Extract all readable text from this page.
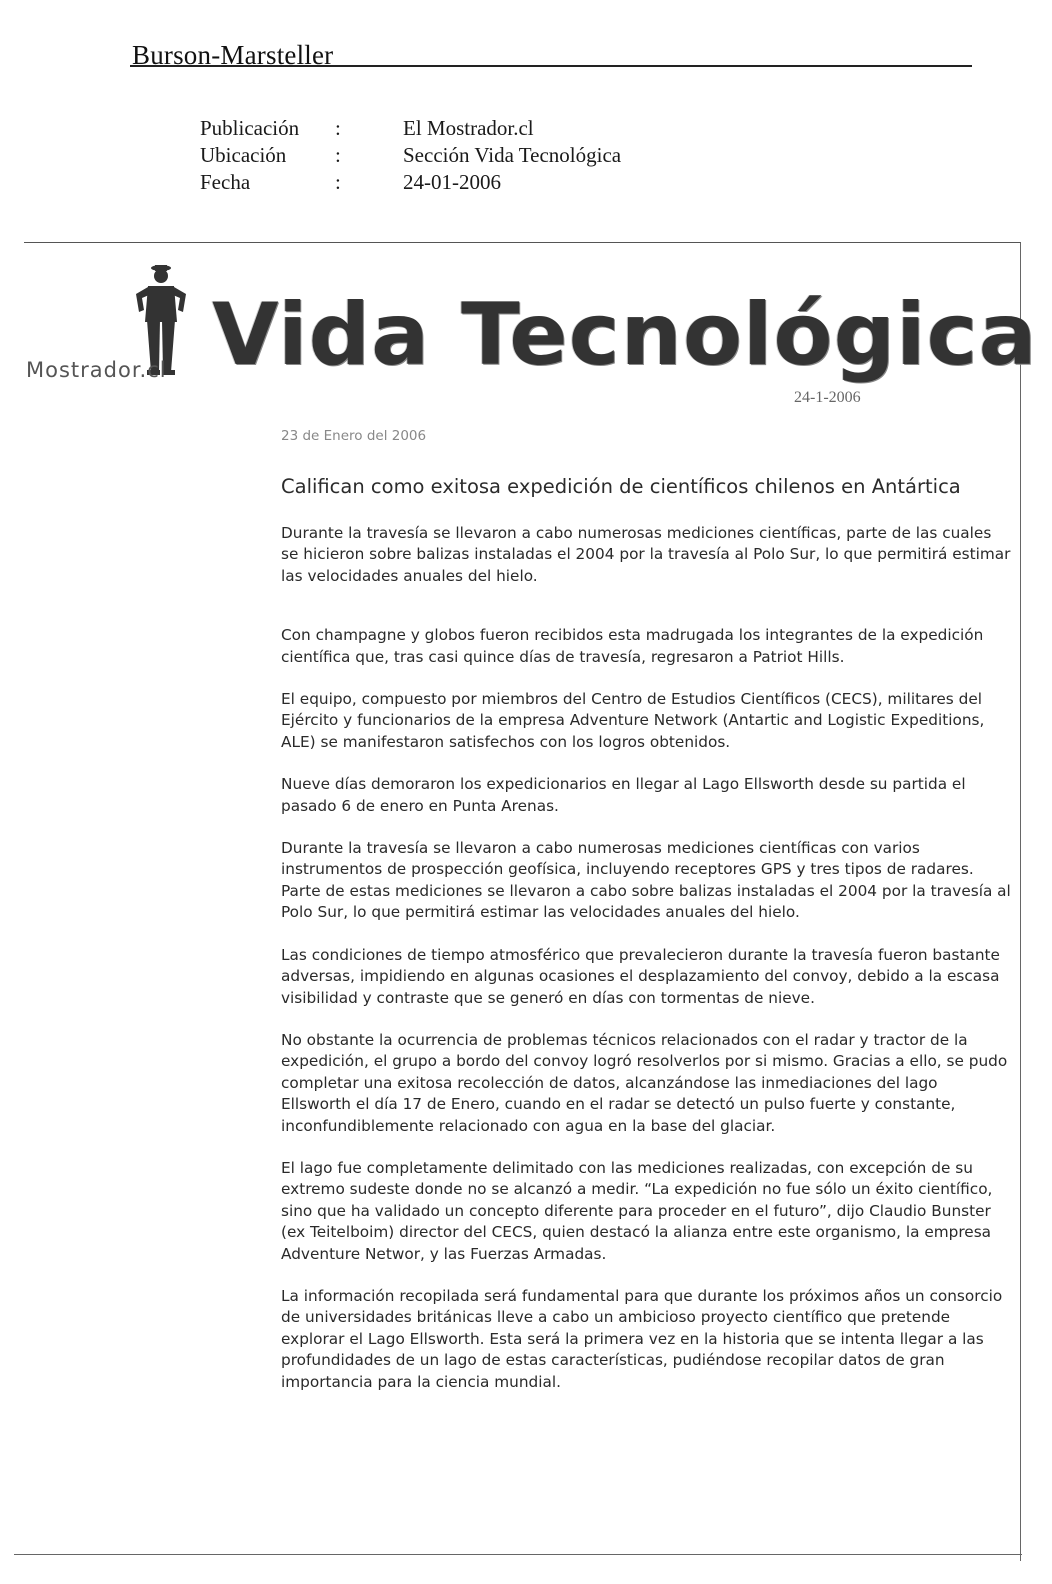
Burson-Marsteller
Publicación :	El Mostrador.cl
Ubicación :	Sección Vida Tecnológica
Fecha	:	24-01-2006
Mostrador.cl Vida Tecnológica
24-1-2006
23 de Enero del 2006
Califican como exitosa expedición de científicos chilenos en Antártica

Durante la travesía se llevaron a cabo numerosas mediciones científicas, parte de las cuales se hicieron sobre balizas instaladas el 2004 por la travesía al Polo Sur, lo que permitirá estimar las velocidades anuales del hielo.

Con champagne y globos fueron recibidos esta madrugada los integrantes de la expedición científica que, tras casi quince días de travesía, regresaron a Patriot Hills.

El equipo, compuesto por miembros del Centro de Estudios Científicos (CECS), militares del Ejército y funcionarios de la empresa Adventure Network (Antartic and Logistic Expeditions, ALE) se manifestaron satisfechos con los logros obtenidos.

Nueve días demoraron los expedicionarios en llegar al Lago Ellsworth desde su partida el pasado 6 de enero en Punta Arenas.

Durante la travesía se llevaron a cabo numerosas mediciones científicas con varios instrumentos de prospección geofísica, incluyendo receptores GPS y tres tipos de radares. Parte de estas mediciones se llevaron a cabo sobre balizas instaladas el 2004 por la travesía al Polo Sur, lo que permitirá estimar las velocidades anuales del hielo.

Las condiciones de tiempo atmosférico que prevalecieron durante la travesía fueron bastante adversas, impidiendo en algunas ocasiones el desplazamiento del convoy, debido a la escasa visibilidad y contraste que se generó en días con tormentas de nieve.

No obstante la ocurrencia de problemas técnicos relacionados con el radar y tractor de la expedición, el grupo a bordo del convoy logró resolverlos por si mismo. Gracias a ello, se pudo completar una exitosa recolección de datos, alcanzándose las inmediaciones del lago Ellsworth el día 17 de Enero, cuando en el radar se detectó un pulso fuerte y constante, inconfundiblemente relacionado con agua en la base del glaciar.

El lago fue completamente delimitado con las mediciones realizadas, con excepción de su extremo sudeste donde no se alcanzó a medir. “La expedición no fue sólo un éxito científico, sino que ha validado un concepto diferente para proceder en el futuro”, dijo Claudio Bunster (ex Teitelboim) director del CECS, quien destacó la alianza entre este organismo, la empresa Adventure Networ, y las Fuerzas Armadas.

La información recopilada será fundamental para que durante los próximos años un consorcio de universidades británicas lleve a cabo un ambicioso proyecto científico que pretende explorar el Lago Ellsworth. Esta será la primera vez en la historia que se intenta llegar a las profundidades de un lago de estas características, pudiéndose recopilar datos de gran importancia para la ciencia mundial.
